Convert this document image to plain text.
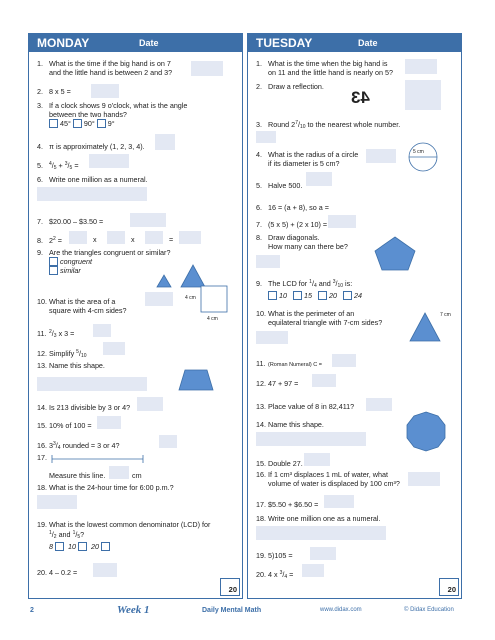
MONDAY	Date
1. What is the time if the big hand is on 7
and the little hand is between 2 and 3?
2. 8 x 5 =
3. If a clock shows 9 o'clock, what is the angle
between the two hands?
45° 90° 9°
4. π is approximately (1, 2, 3, 4).
5. $^4/_5 + ^3/_5$ =
6. Write one million as a numeral.
7. $20.00 – $3.50 =
8. $2^2$ =	x	x	=
9. Are the triangles congruent or similar?
congruent
similar
10. What is the area of a
square with 4-cm sides?
4 cm
4 cm
11. $^2/_3$ x 3 =
12. Simplify $^5/_{10}$
13. Name this shape.
14. Is 213 divisible by 3 or 4?
15. 10% of 100 =
16. $3^3/_4$ rounded = 3 or 4?
17.
Measure this line.	cm
18. What is the 24-hour time for 6:00 p.m.?
19. What is the lowest common denominator (LCD) for
$^1/_2$ and $^1/_5$?
8 10 20
20. 4 – 0.2 =
20
TUESDAY	Date
1. What is the time when the big hand is
on 11 and the little hand is nearly on 5?
2. Draw a reflection.
43
3. Round $2^7/_{10}$ to the nearest whole number.
4. What is the radius of a circle
if its diameter is 5 cm?
5 cm
5. Halve 500.
6. 16 = (a + 8), so a =
7. (5 x 5) + (2 x 10) =
8. Draw diagonals.
How many can there be?
9. The LCD for $^1/_4$ and $^3/_{10}$ is:
10 15 20 24
10. What is the perimeter of an
equilateral triangle with 7-cm sides?
7 cm
11. (Roman Numeral) C =
12. 47 + 97 =
13. Place value of 8 in 82,411?
14. Name this shape.
15. Double 27.
16. If 1 cm³ displaces 1 mL of water, what
volume of water is displaced by 100 cm³?
17. $5.50 + $6.50 =
18. Write one million one as a numeral.
19. 5)105 =
20. 4 x $^3/_4$ =
20
2	Week 1	Daily Mental Math	www.didax.com	© Didax Education
